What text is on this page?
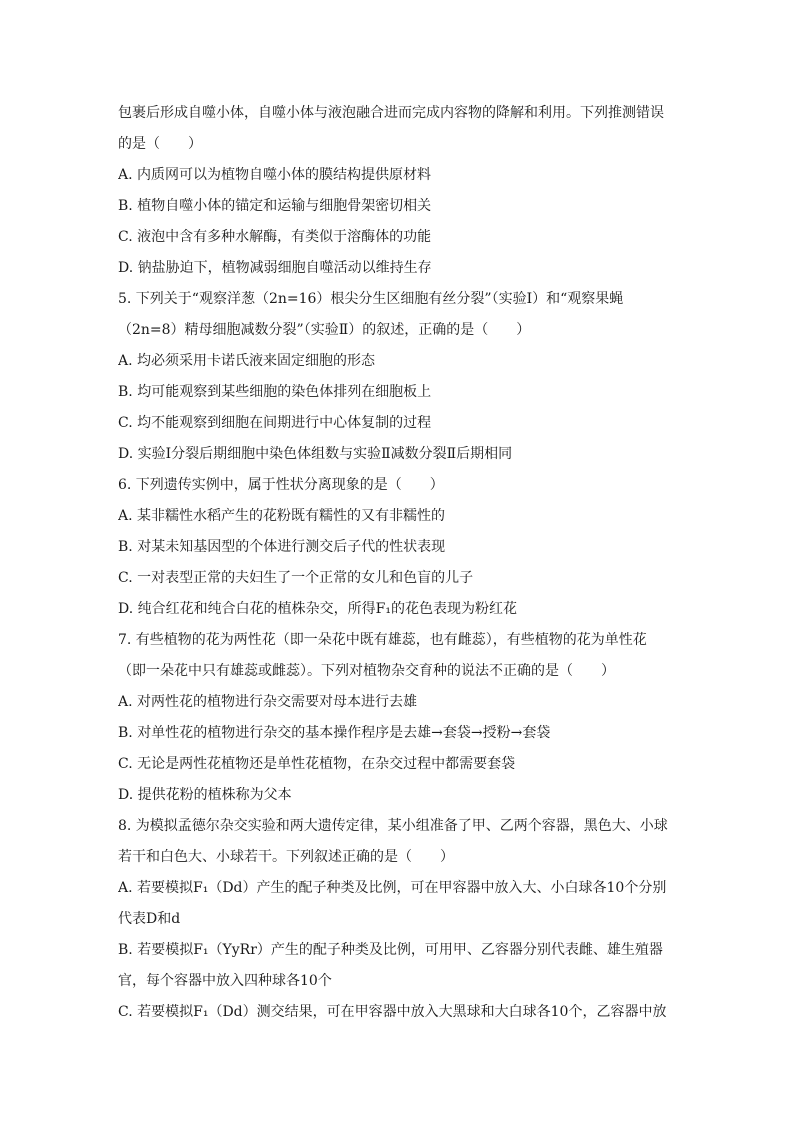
包裹后形成自噬小体，自噬小体与液泡融合进而完成内容物的降解和利用。下列推测错误
的是（　　）
A. 内质网可以为植物自噬小体的膜结构提供原材料
B. 植物自噬小体的锚定和运输与细胞骨架密切相关
C. 液泡中含有多种水解酶，有类似于溶酶体的功能
D. 钠盐胁迫下，植物减弱细胞自噬活动以维持生存
5. 下列关于“观察洋葱（2n=16）根尖分生区细胞有丝分裂”（实验Ⅰ）和“观察果蝇
（2n=8）精母细胞减数分裂”（实验Ⅱ）的叙述，正确的是（　　）
A. 均必须采用卡诺氏液来固定细胞的形态
B. 均可能观察到某些细胞的染色体排列在细胞板上
C. 均不能观察到细胞在间期进行中心体复制的过程
D. 实验Ⅰ分裂后期细胞中染色体组数与实验Ⅱ减数分裂Ⅱ后期相同
6. 下列遗传实例中，属于性状分离现象的是（　　）
A. 某非糯性水稻产生的花粉既有糯性的又有非糯性的
B. 对某未知基因型的个体进行测交后子代的性状表现
C. 一对表型正常的夫妇生了一个正常的女儿和色盲的儿子
D. 纯合红花和纯合白花的植株杂交，所得F₁的花色表现为粉红花
7. 有些植物的花为两性花（即一朵花中既有雄蕊，也有雌蕊），有些植物的花为单性花
（即一朵花中只有雄蕊或雌蕊）。下列对植物杂交育种的说法不正确的是（　　）
A. 对两性花的植物进行杂交需要对母本进行去雄
B. 对单性花的植物进行杂交的基本操作程序是去雄→套袋→授粉→套袋
C. 无论是两性花植物还是单性花植物，在杂交过程中都需要套袋
D. 提供花粉的植株称为父本
8. 为模拟孟德尔杂交实验和两大遗传定律，某小组准备了甲、乙两个容器，黑色大、小球
若干和白色大、小球若干。下列叙述正确的是（　　）
A. 若要模拟F₁（Dd）产生的配子种类及比例，可在甲容器中放入大、小白球各10个分别
代表D和d
B. 若要模拟F₁（YyRr）产生的配子种类及比例，可用甲、乙容器分别代表雌、雄生殖器
官，每个容器中放入四种球各10个
C. 若要模拟F₁（Dd）测交结果，可在甲容器中放入大黑球和大白球各10个，乙容器中放
